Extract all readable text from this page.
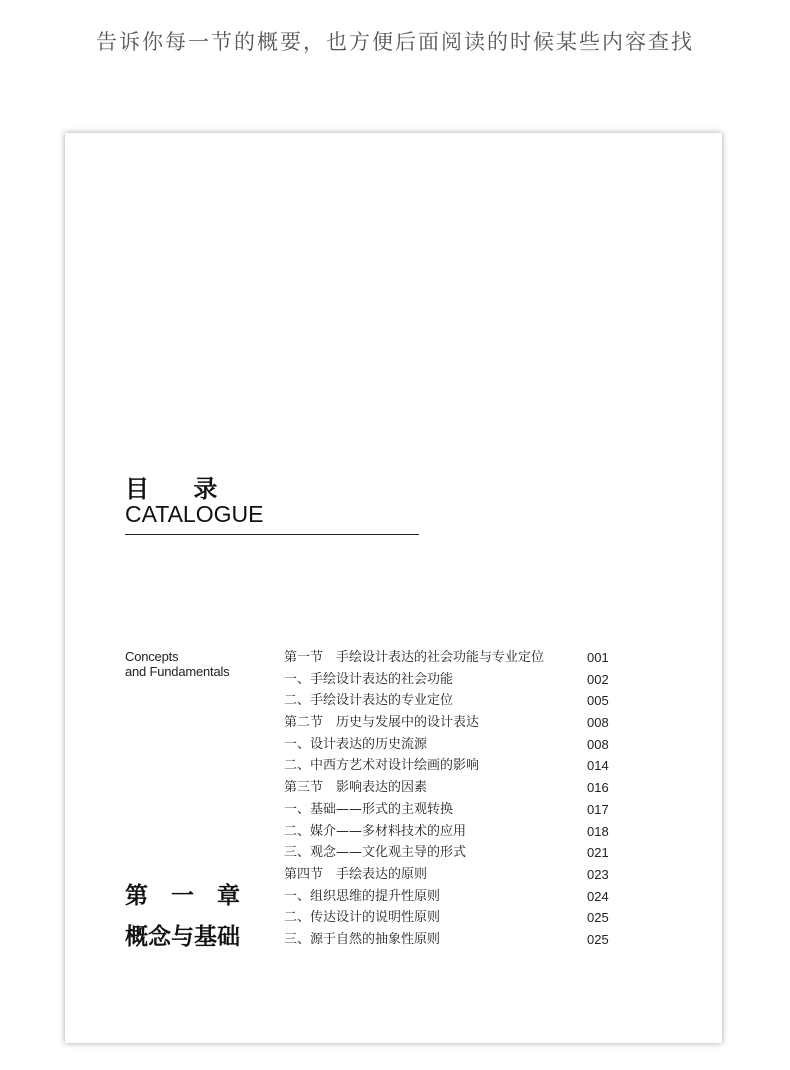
告诉你每一节的概要，也方便后面阅读的时候某些内容查找
目 录
CATALOGUE
Concepts
and Fundamentals
第　一　章
概念与基础
第一节　手绘设计表达的社会功能与专业定位	001
一、手绘设计表达的社会功能	002
二、手绘设计表达的专业定位	005
第二节　历史与发展中的设计表达	008
一、设计表达的历史流源	008
二、中西方艺术对设计绘画的影响	014
第三节　影响表达的因素	016
一、基础——形式的主观转换	017
二、媒介——多材料技术的应用	018
三、观念——文化观主导的形式	021
第四节　手绘表达的原则	023
一、组织思维的提升性原则	024
二、传达设计的说明性原则	025
三、源于自然的抽象性原则	025
